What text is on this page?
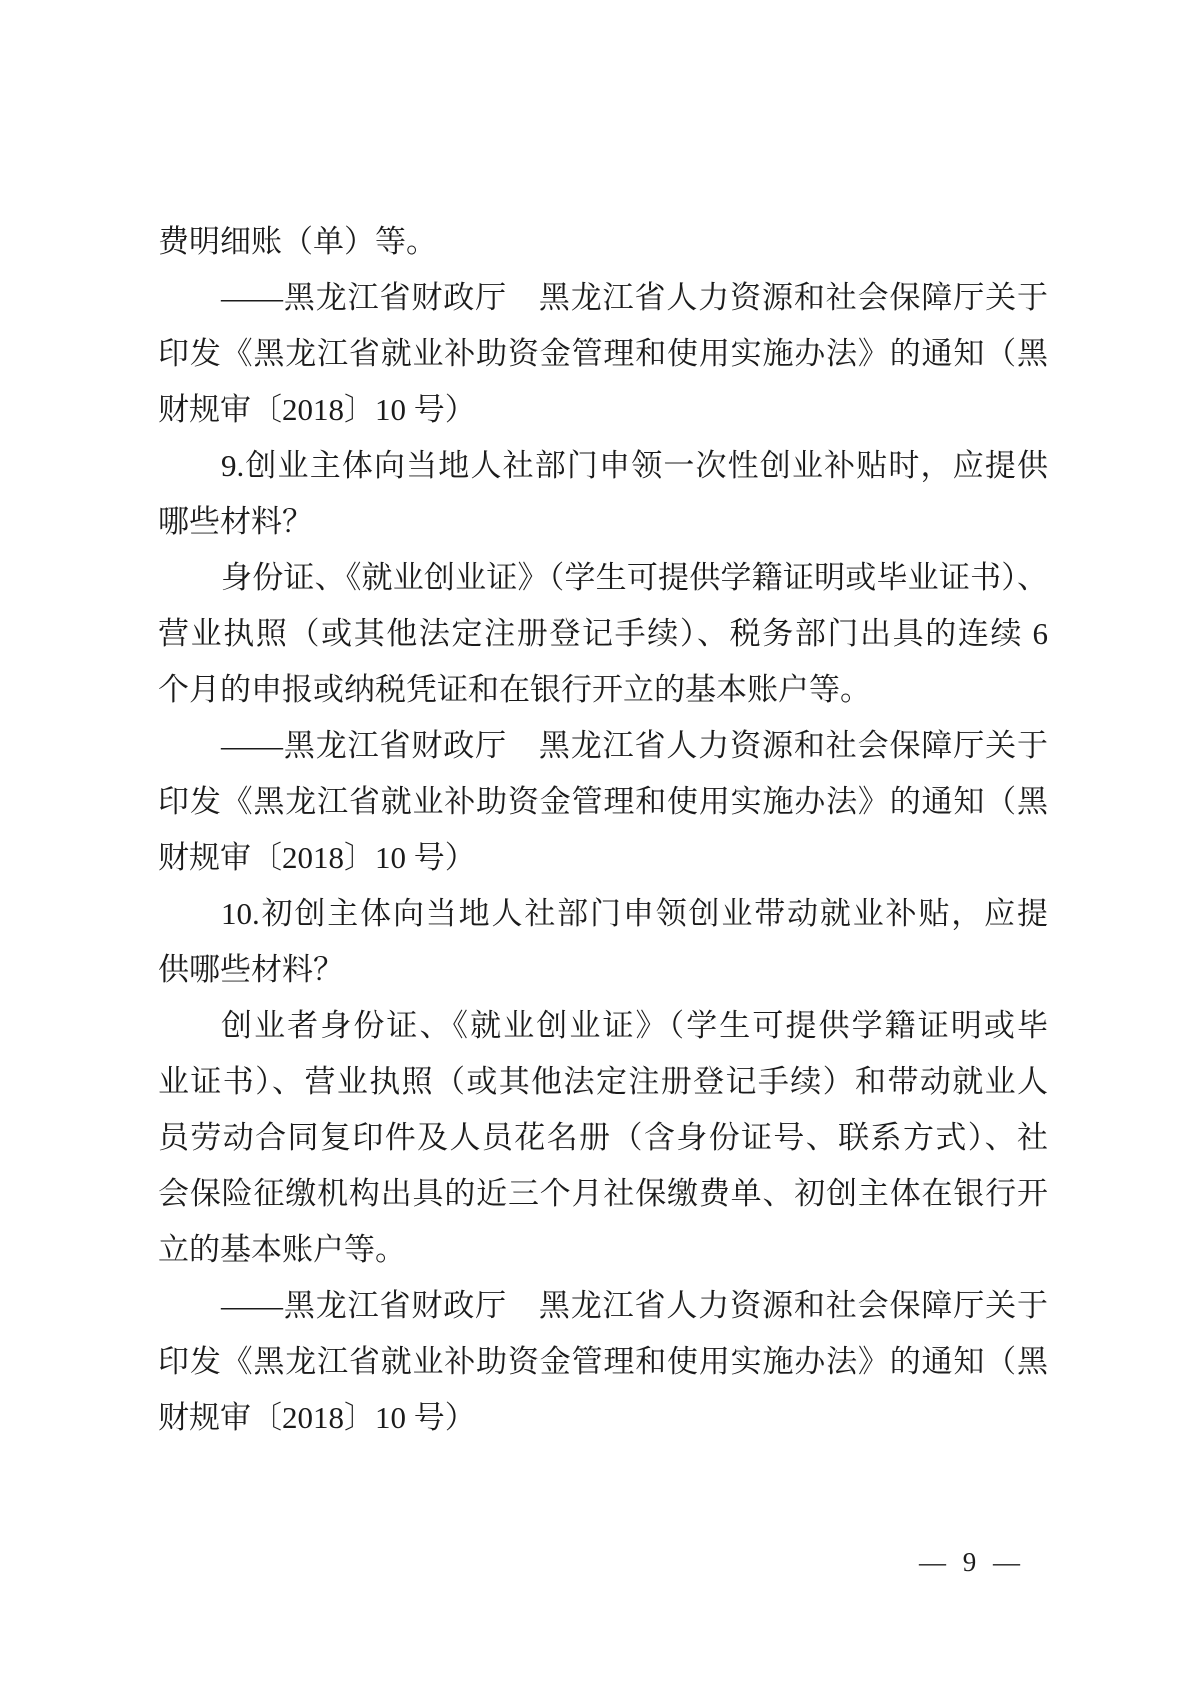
费明细账（单）等。
——黑龙江省财政厅　黑龙江省人力资源和社会保障厅关于
印发《黑龙江省就业补助资金管理和使用实施办法》的通知（黑
财规审〔2018〕10 号）
9.创业主体向当地人社部门申领一次性创业补贴时，应提供
哪些材料？
身份证、《就业创业证》（学生可提供学籍证明或毕业证书）、
营业执照（或其他法定注册登记手续）、税务部门出具的连续 6
个月的申报或纳税凭证和在银行开立的基本账户等。
——黑龙江省财政厅　黑龙江省人力资源和社会保障厅关于
印发《黑龙江省就业补助资金管理和使用实施办法》的通知（黑
财规审〔2018〕10 号）
10.初创主体向当地人社部门申领创业带动就业补贴，应提
供哪些材料？
创业者身份证、《就业创业证》（学生可提供学籍证明或毕
业证书）、营业执照（或其他法定注册登记手续）和带动就业人
员劳动合同复印件及人员花名册（含身份证号、联系方式）、社
会保险征缴机构出具的近三个月社保缴费单、初创主体在银行开
立的基本账户等。
——黑龙江省财政厅　黑龙江省人力资源和社会保障厅关于
印发《黑龙江省就业补助资金管理和使用实施办法》的通知（黑
财规审〔2018〕10 号）
— 9 —
